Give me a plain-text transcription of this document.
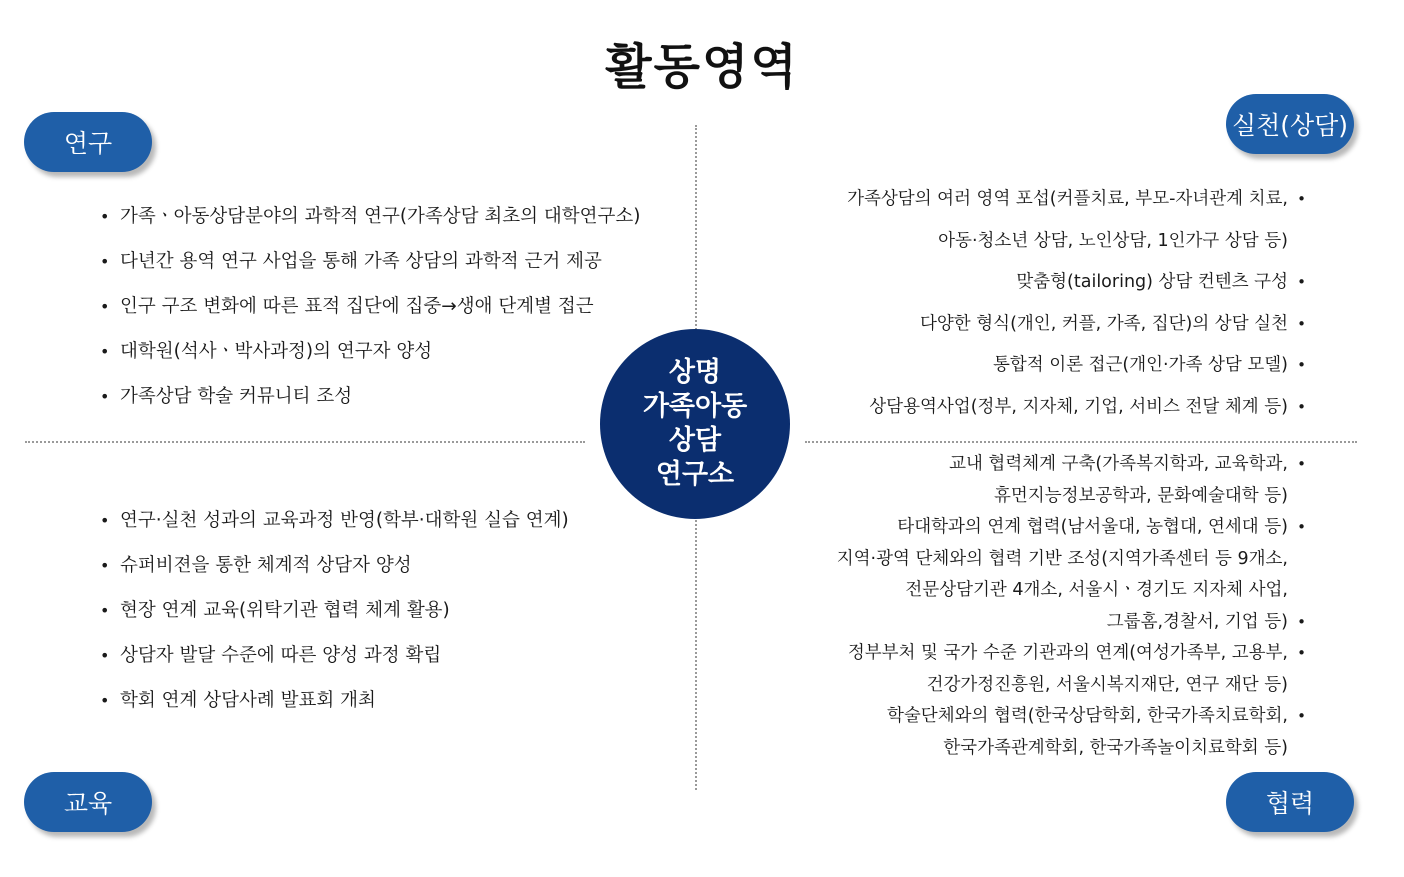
활동영역
연구
실천(상담)
교육	협력
상명
가족아동
상담
연구소
• 가족ㆍ아동상담분야의 과학적 연구(가족상담 최초의 대학연구소)
• 다년간 용역 연구 사업을 통해 가족 상담의 과학적 근거 제공
• 인구 구조 변화에 따른 표적 집단에 집중→생애 단계별 접근
• 대학원(석사ㆍ박사과정)의 연구자 양성
• 가족상담 학술 커뮤니티 조성
• 연구·실천 성과의 교육과정 반영(학부·대학원 실습 연계)
• 슈퍼비젼을 통한 체계적 상담자 양성
• 현장 연계 교육(위탁기관 협력 체계 활용)
• 상담자 발달 수준에 따른 양성 과정 확립
• 학회 연계 상담사례 발표회 개최
가족상담의 여러 영역 포섭(커플치료, 부모-자녀관계 치료, •
아동·청소년 상담, 노인상담, 1인가구 상담 등)
맞춤형(tailoring) 상담 컨텐츠 구성 •
다양한 형식(개인, 커플, 가족, 집단)의 상담 실천 •
통합적 이론 접근(개인·가족 상담 모델) •
상담용역사업(정부, 지자체, 기업, 서비스 전달 체계 등) •
교내 협력체계 구축(가족복지학과, 교육학과, •
휴먼지능정보공학과, 문화예술대학 등)
타대학과의 연계 협력(남서울대, 농협대, 연세대 등) •
지역·광역 단체와의 협력 기반 조성(지역가족센터 등 9개소,
전문상담기관 4개소, 서울시ㆍ경기도 지자체 사업,
그룹홈,경찰서, 기업 등) •
정부부처 및 국가 수준 기관과의 연계(여성가족부, 고용부, •
건강가정진흥원, 서울시복지재단, 연구 재단 등)
학술단체와의 협력(한국상담학회, 한국가족치료학회, •
한국가족관계학회, 한국가족놀이치료학회 등)
